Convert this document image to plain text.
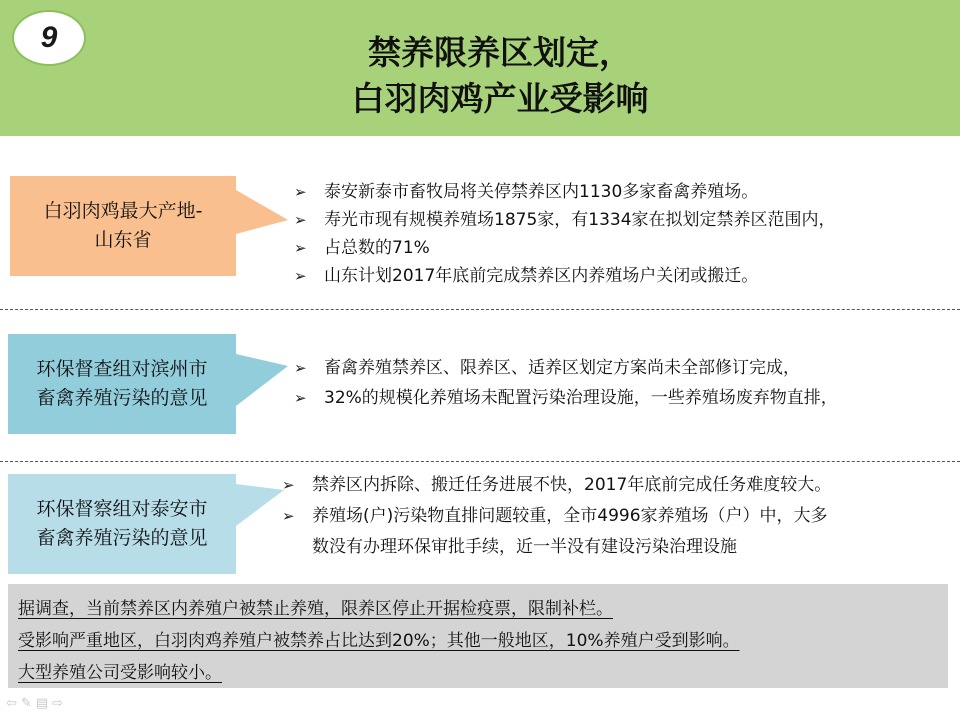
9	禁养限养区划定，
白羽肉鸡产业受影响
白羽肉鸡最大产地-
山东省
➢ 泰安新泰市畜牧局将关停禁养区内1130多家畜禽养殖场。
➢ 寿光市现有规模养殖场1875家，有1334家在拟划定禁养区范围内，
➢ 占总数的71%
➢ 山东计划2017年底前完成禁养区内养殖场户关闭或搬迁。
环保督查组对滨州市
畜禽养殖污染的意见
➢ 畜禽养殖禁养区、限养区、适养区划定方案尚未全部修订完成，
➢ 32%的规模化养殖场未配置污染治理设施，一些养殖场废弃物直排，
环保督察组对泰安市
畜禽养殖污染的意见
➢ 禁养区内拆除、搬迁任务进展不快，2017年底前完成任务难度较大。
➢ 养殖场(户)污染物直排问题较重，全市4996家养殖场（户）中，大多
数没有办理环保审批手续，近一半没有建设污染治理设施
据调查，当前禁养区内养殖户被禁止养殖，限养区停止开据检疫票，限制补栏。
受影响严重地区，白羽肉鸡养殖户被禁养占比达到20%；其他一般地区，10%养殖户受到影响。
大型养殖公司受影响较小。
⇦ ✎ ▤ ⇨
